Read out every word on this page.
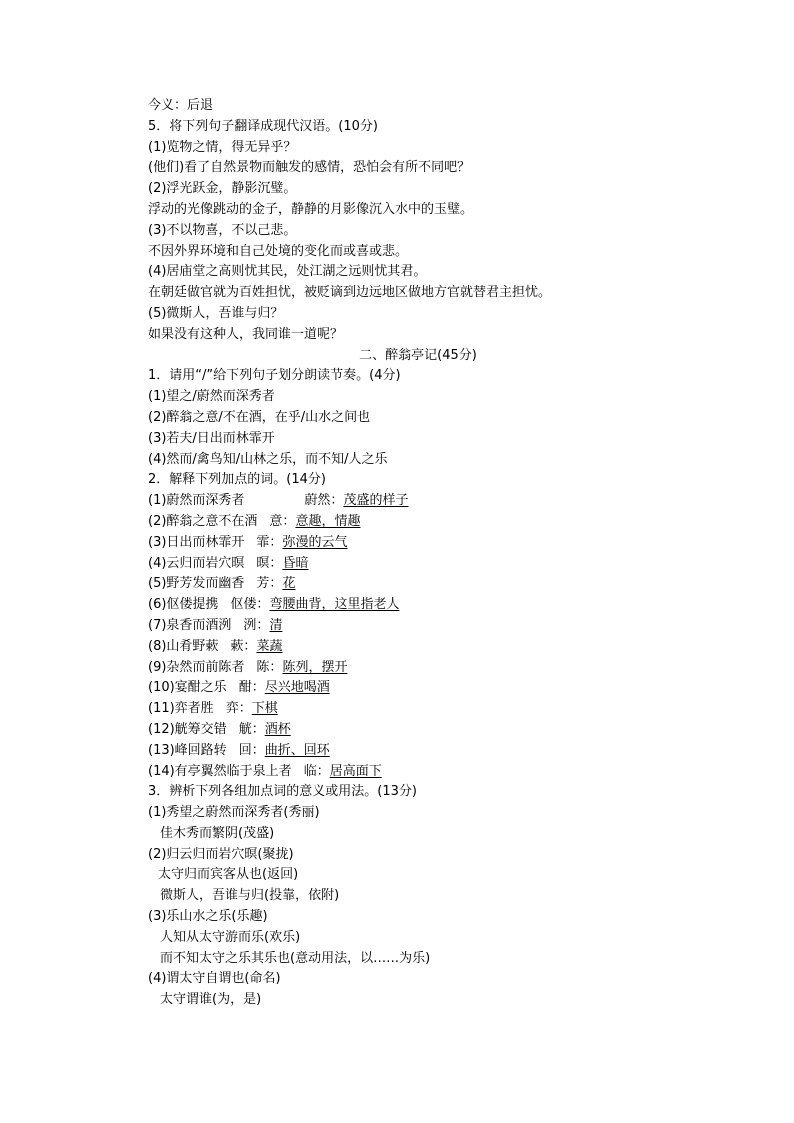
今义：后退
5．将下列句子翻译成现代汉语。(10分)
(1)览物之情，得无异乎？
(他们)看了自然景物而触发的感情，恐怕会有所不同吧？
(2)浮光跃金，静影沉璧。
浮动的光像跳动的金子，静静的月影像沉入水中的玉璧。
(3)不以物喜，不以己悲。
不因外界环境和自己处境的变化而或喜或悲。
(4)居庙堂之高则忧其民，处江湖之远则忧其君。
在朝廷做官就为百姓担忧，被贬谪到边远地区做地方官就替君主担忧。
(5)微斯人，吾谁与归？
如果没有这种人，我同谁一道呢？
二、醉翁亭记(45分)
1．请用“/”给下列句子划分朗读节奏。(4分)
(1)望之/蔚然而深秀者
(2)醉翁之意/不在酒，在乎/山水之间也
(3)若夫/日出而林霏开
(4)然而/禽鸟知/山林之乐，而不知/人之乐
2．解释下列加点的词。(14分)
(1)蔚然而深秀者	蔚然：茂盛的样子
(2)醉翁之意不在酒 意：意趣，情趣
(3)日出而林霏开 霏：弥漫的云气
(4)云归而岩穴暝 暝：昏暗
(5)野芳发而幽香 芳：花
(6)伛偻提携 伛偻：弯腰曲背，这里指老人
(7)泉香而酒洌 洌：清
(8)山肴野蔌 蔌：菜蔬
(9)杂然而前陈者 陈：陈列，摆开
(10)宴酣之乐 酣：尽兴地喝酒
(11)弈者胜 弈：下棋
(12)觥筹交错 觥：酒杯
(13)峰回路转 回：曲折、回环
(14)有亭翼然临于泉上者 临：居高面下
3．辨析下列各组加点词的意义或用法。(13分)
(1)秀望之蔚然而深秀者(秀丽)
佳木秀而繁阴(茂盛)
(2)归云归而岩穴暝(聚拢)
太守归而宾客从也(返回)
微斯人，吾谁与归(投靠，依附)
(3)乐山水之乐(乐趣)
人知从太守游而乐(欢乐)
而不知太守之乐其乐也(意动用法，以……为乐)
(4)谓太守自谓也(命名)
太守谓谁(为，是)
